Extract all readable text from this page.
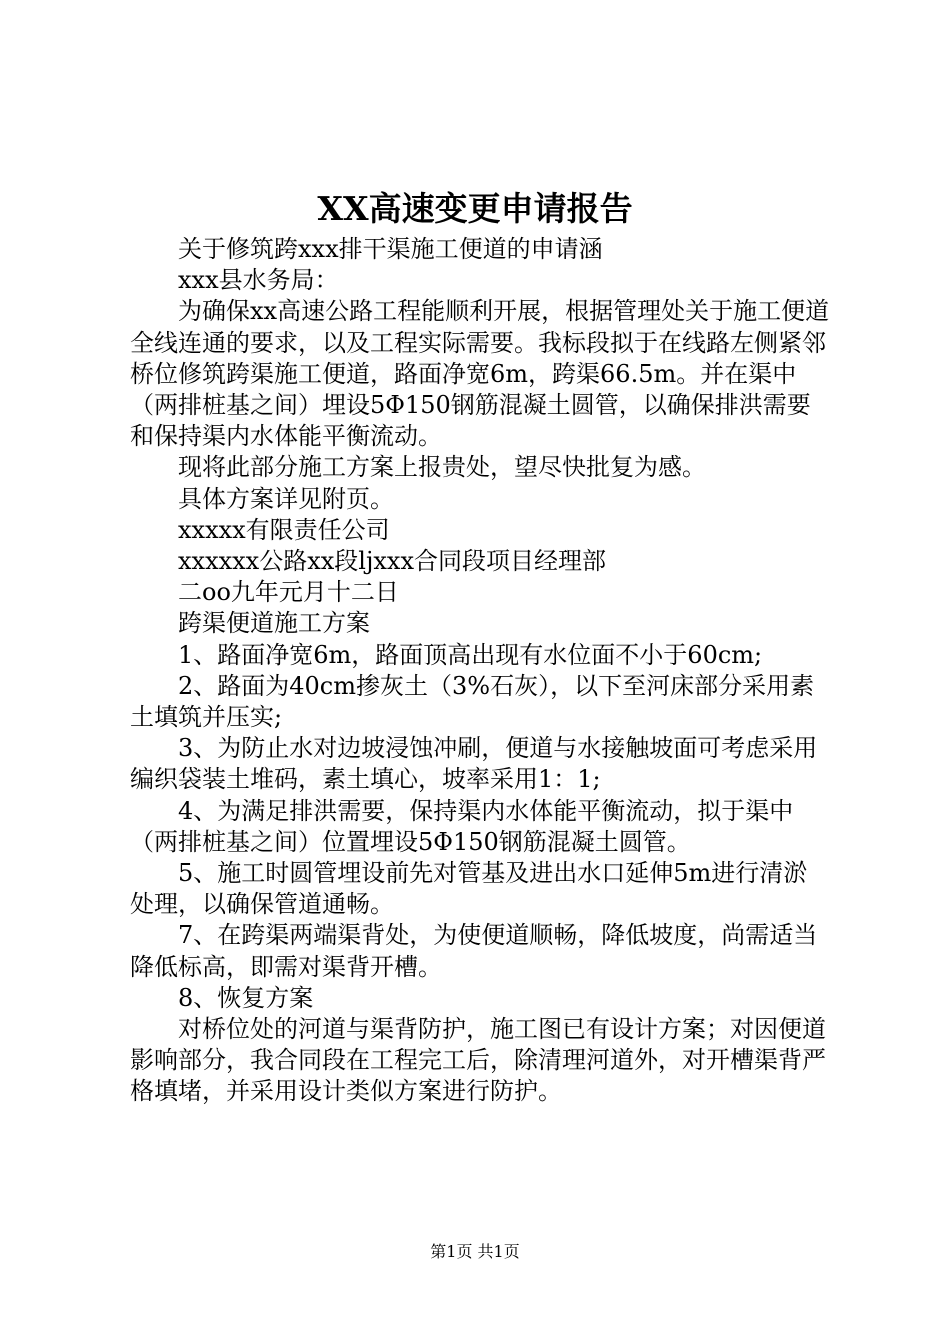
XX高速变更申请报告

关于修筑跨xxx排干渠施工便道的申请涵

xxx县水务局：

为确保xx高速公路工程能顺利开展，根据管理处关于施工便道全线连通的要求，以及工程实际需要。我标段拟于在线路左侧紧邻桥位修筑跨渠施工便道，路面净宽6m，跨渠66.5m。并在渠中（两排桩基之间）埋设5Φ150钢筋混凝土圆管，以确保排洪需要和保持渠内水体能平衡流动。

现将此部分施工方案上报贵处，望尽快批复为感。

具体方案详见附页。

xxxxx有限责任公司

xxxxxx公路xx段ljxxx合同段项目经理部

二oo九年元月十二日

跨渠便道施工方案

1、路面净宽6m，路面顶高出现有水位面不小于60cm;

2、路面为40cm掺灰土（3%石灰），以下至河床部分采用素土填筑并压实;

3、为防止水对边坡浸蚀冲刷，便道与水接触坡面可考虑采用编织袋装土堆码，素土填心，坡率采用1：1;

4、为满足排洪需要，保持渠内水体能平衡流动，拟于渠中（两排桩基之间）位置埋设5Φ150钢筋混凝土圆管。

5、施工时圆管埋设前先对管基及进出水口延伸5m进行清淤处理，以确保管道通畅。

7、在跨渠两端渠背处，为使便道顺畅，降低坡度，尚需适当降低标高，即需对渠背开槽。

8、恢复方案

对桥位处的河道与渠背防护，施工图已有设计方案；对因便道影响部分，我合同段在工程完工后，除清理河道外，对开槽渠背严格填堵，并采用设计类似方案进行防护。

第1页 共1页
